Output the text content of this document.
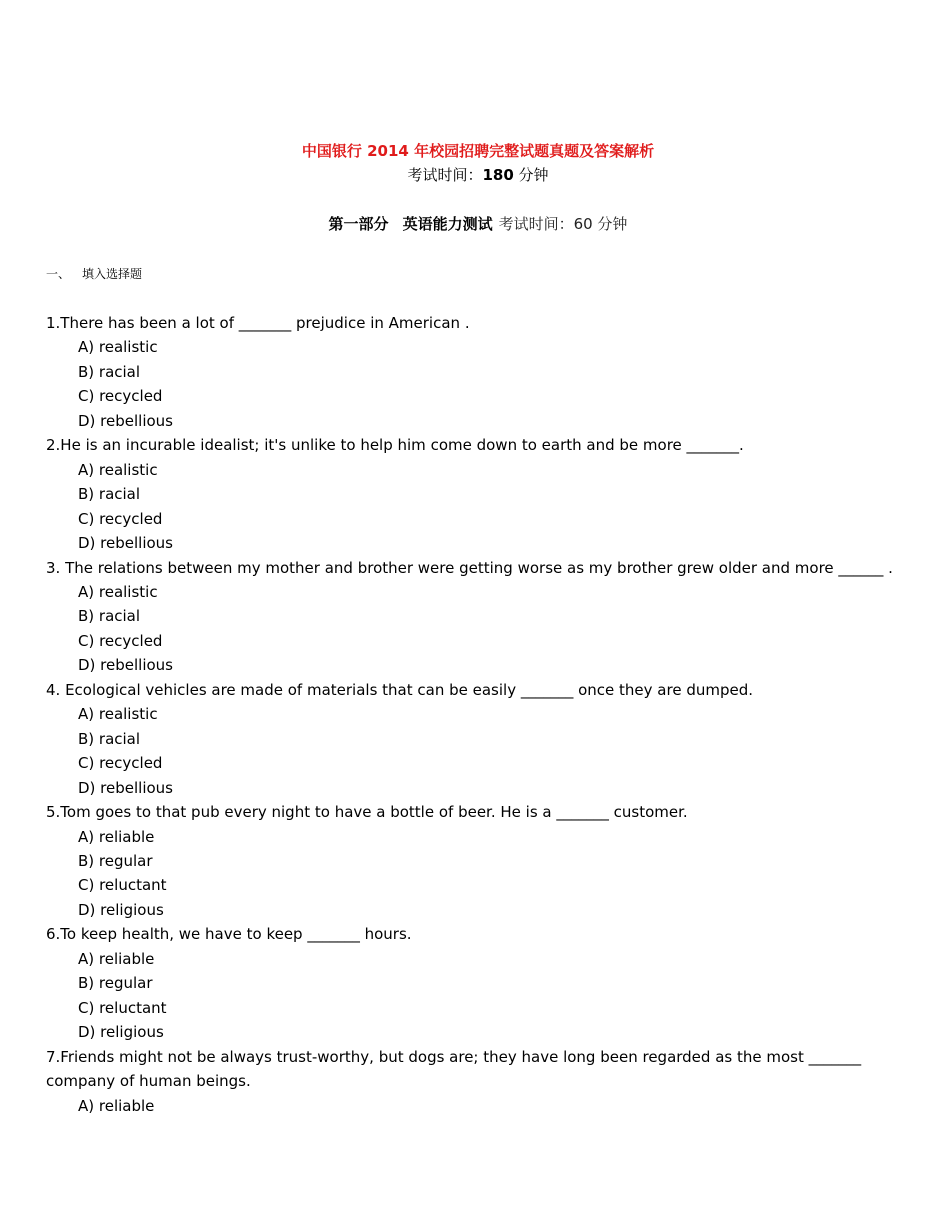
中国银行 2014 年校园招聘完整试题真题及答案解析
考试时间：180 分钟
第一部分 英语能力测试 考试时间：60 分钟
一、 填入选择题

1.There has been a lot of _______ prejudice in American .

A) realistic
B) racial
C) recycled
D) rebellious

2.He is an incurable idealist; it's unlike to help him come down to earth and be more _______.

A) realistic
B) racial
C) recycled
D) rebellious

3. The relations between my mother and brother were getting worse as my brother grew older and more ______ .

A) realistic
B) racial
C) recycled
D) rebellious

4. Ecological vehicles are made of materials that can be easily _______ once they are dumped.

A) realistic
B) racial
C) recycled
D) rebellious

5.Tom goes to that pub every night to have a bottle of beer. He is a _______ customer.

A) reliable
B) regular
C) reluctant
D) religious

6.To keep health, we have to keep _______ hours.

A) reliable
B) regular
C) reluctant
D) religious

7.Friends might not be always trust-worthy, but dogs are; they have long been regarded as the most _______ company of human beings.

A) reliable
